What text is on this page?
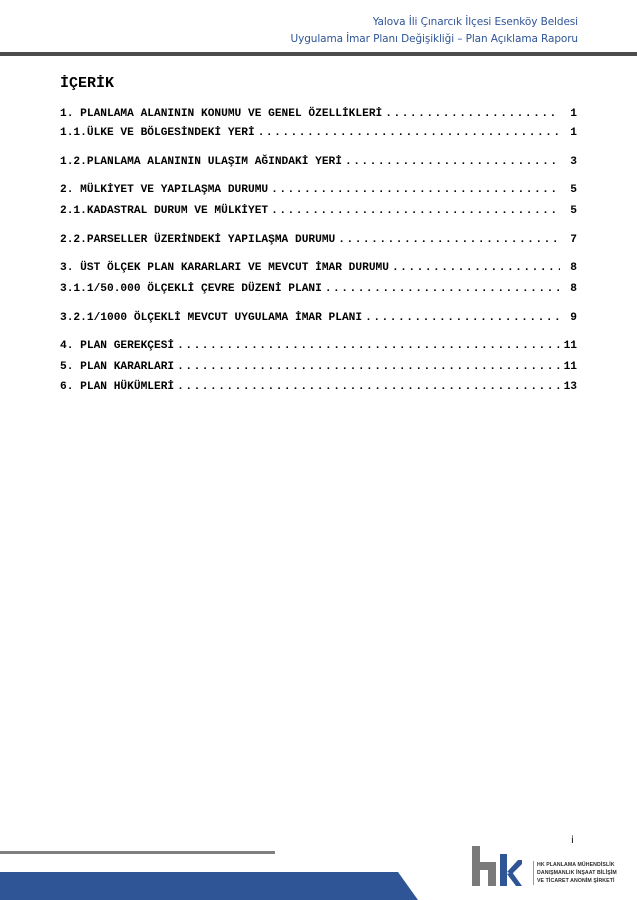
Yalova İli Çınarcık İlçesi Esenköy Beldesi
Uygulama İmar Planı Değişikliği – Plan Açıklama Raporu
İÇERİK
1. PLANLAMA ALANININ KONUMU VE GENEL ÖZELLİKLERİ .....	1
1.1.ÜLKE VE BÖLGESİNDEKİ YERİ .....	1
1.2.PLANLAMA ALANININ ULAŞIM AĞINDAKİ YERİ .....	3
2. MÜLKİYET VE YAPILAŞMA DURUMU .....	5
2.1.KADASTRAL DURUM VE MÜLKİYET .....	5
2.2.PARSELLER ÜZERİNDEKİ YAPILAŞMA DURUMU .....	7
3. ÜST ÖLÇEK PLAN KARARLARI VE MEVCUT İMAR DURUMU .....	8
3.1.1/50.000 ÖLÇEKLİ ÇEVRE DÜZENİ PLANI .....	8
3.2.1/1000 ÖLÇEKLİ MEVCUT UYGULAMA İMAR PLANI .....	9
4. PLAN GEREKÇESİ .....	11
5. PLAN KARARLARI .....	11
6. PLAN HÜKÜMLERİ .....	13
i
HK PLANLAMA MÜHENDİSLİK
DANIŞMANLIK İNŞAAT BİLİŞİM
VE TİCARET ANONİM ŞİRKETİ
